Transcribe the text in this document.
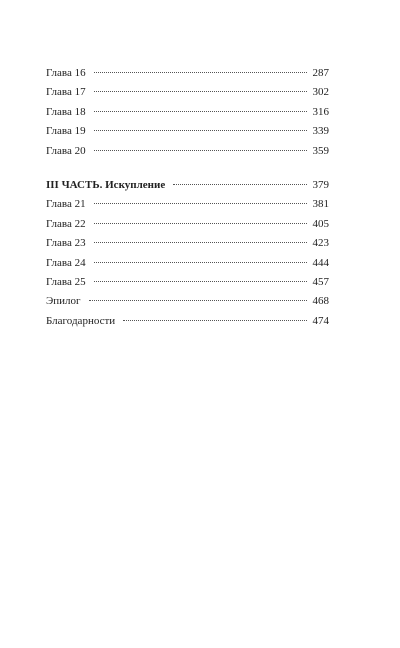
Глава 16	287
Глава 17	302
Глава 18	316
Глава 19	339
Глава 20	359
III ЧАСТЬ. Искупление	379
Глава 21	381
Глава 22	405
Глава 23	423
Глава 24	444
Глава 25	457
Эпилог	468
Благодарности	474
